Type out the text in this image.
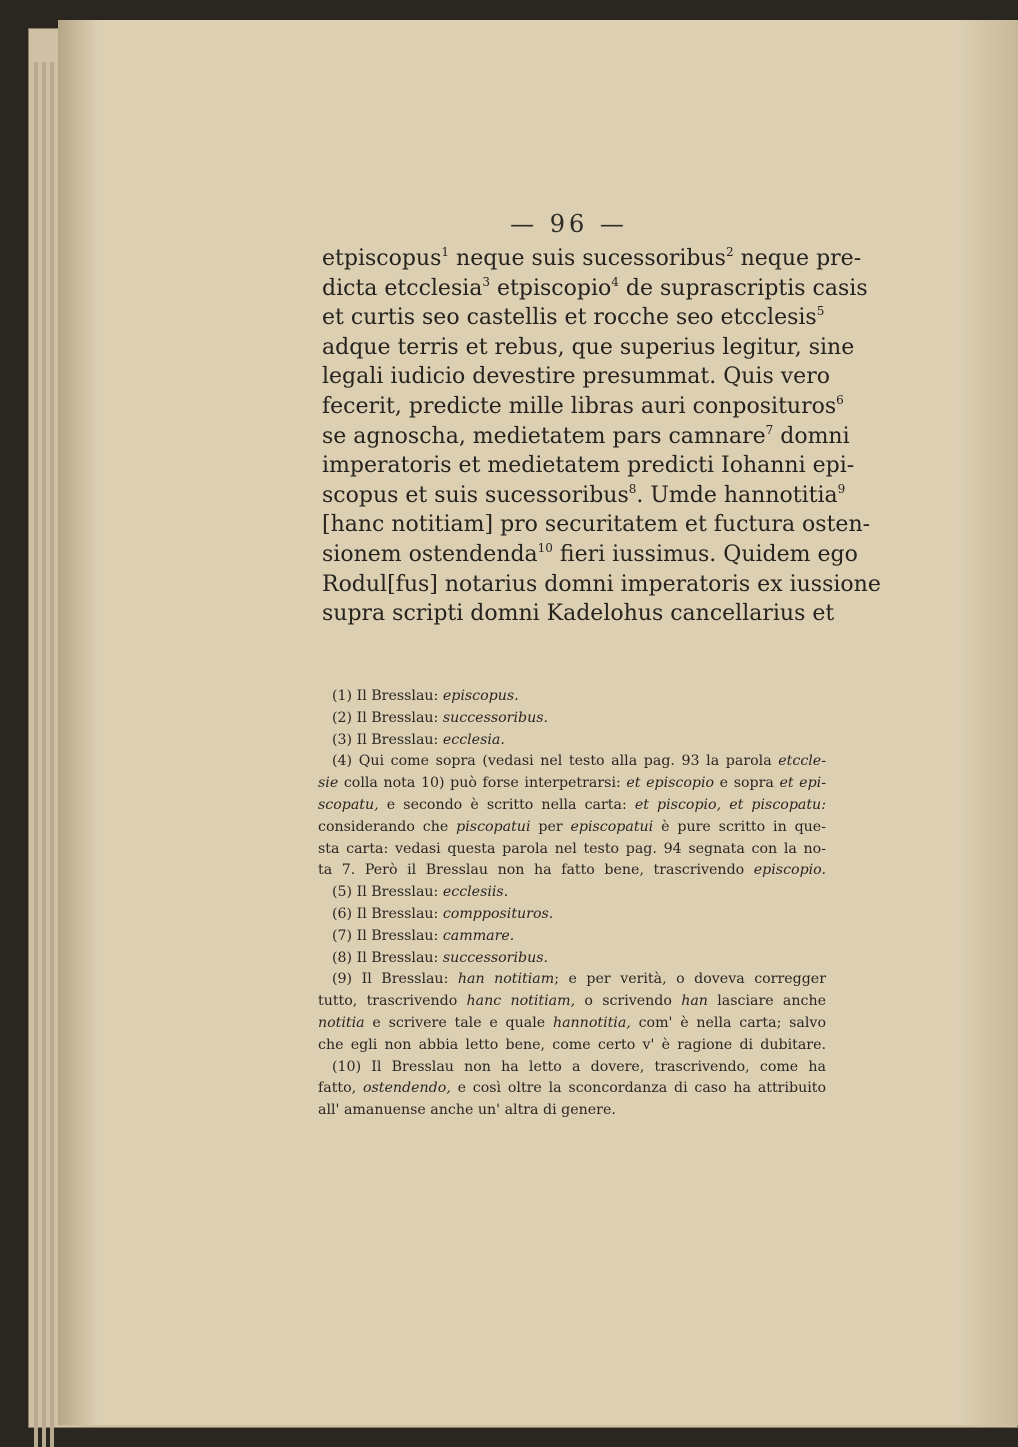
— 96 —
etpiscopus$^1$ neque suis sucessoribus$^2$ neque pre-
dicta etcclesia$^3$ etpiscopio$^4$ de suprascriptis casis
et curtis seo castellis et rocche seo etcclesis$^5$
adque terris et rebus, que superius legitur, sine
legali iudicio devestire presummat. Quis vero
fecerit, predicte mille libras auri conposituros$^6$
se agnoscha, medietatem pars camnare$^7$ domni
imperatoris et medietatem predicti Iohanni epi-
scopus et suis sucessoribus$^8$. Umde hannotitia$^9$
[hanc notitiam] pro securitatem et fuctura osten-
sionem ostendenda$^{10}$ fieri iussimus. Quidem ego
Rodul[fus] notarius domni imperatoris ex iussione
supra scripti domni Kadelohus cancellarius et
(1) Il Bresslau: episcopus.
(2) Il Bresslau: successoribus.
(3) Il Bresslau: ecclesia.
(4) Qui come sopra (vedasi nel testo alla pag. 93 la parola etccle-
sie colla nota 10) può forse interpetrarsi: et episcopio e sopra et epi-
scopatu, e secondo è scritto nella carta: et piscopio, et piscopatu:
considerando che piscopatui per episcopatui è pure scritto in que-
sta carta: vedasi questa parola nel testo pag. 94 segnata con la no-
ta 7. Però il Bresslau non ha fatto bene, trascrivendo episcopio.
(5) Il Bresslau: ecclesiis.
(6) Il Bresslau: compposituros.
(7) Il Bresslau: cammare.
(8) Il Bresslau: successoribus.
(9) Il Bresslau: han notitiam; e per verità, o doveva corregger
tutto, trascrivendo hanc notitiam, o scrivendo han lasciare anche
notitia e scrivere tale e quale hannotitia, com' è nella carta; salvo
che egli non abbia letto bene, come certo v' è ragione di dubitare.
(10) Il Bresslau non ha letto a dovere, trascrivendo, come ha
fatto, ostendendo, e così oltre la sconcordanza di caso ha attribuito
all' amanuense anche un' altra di genere.
